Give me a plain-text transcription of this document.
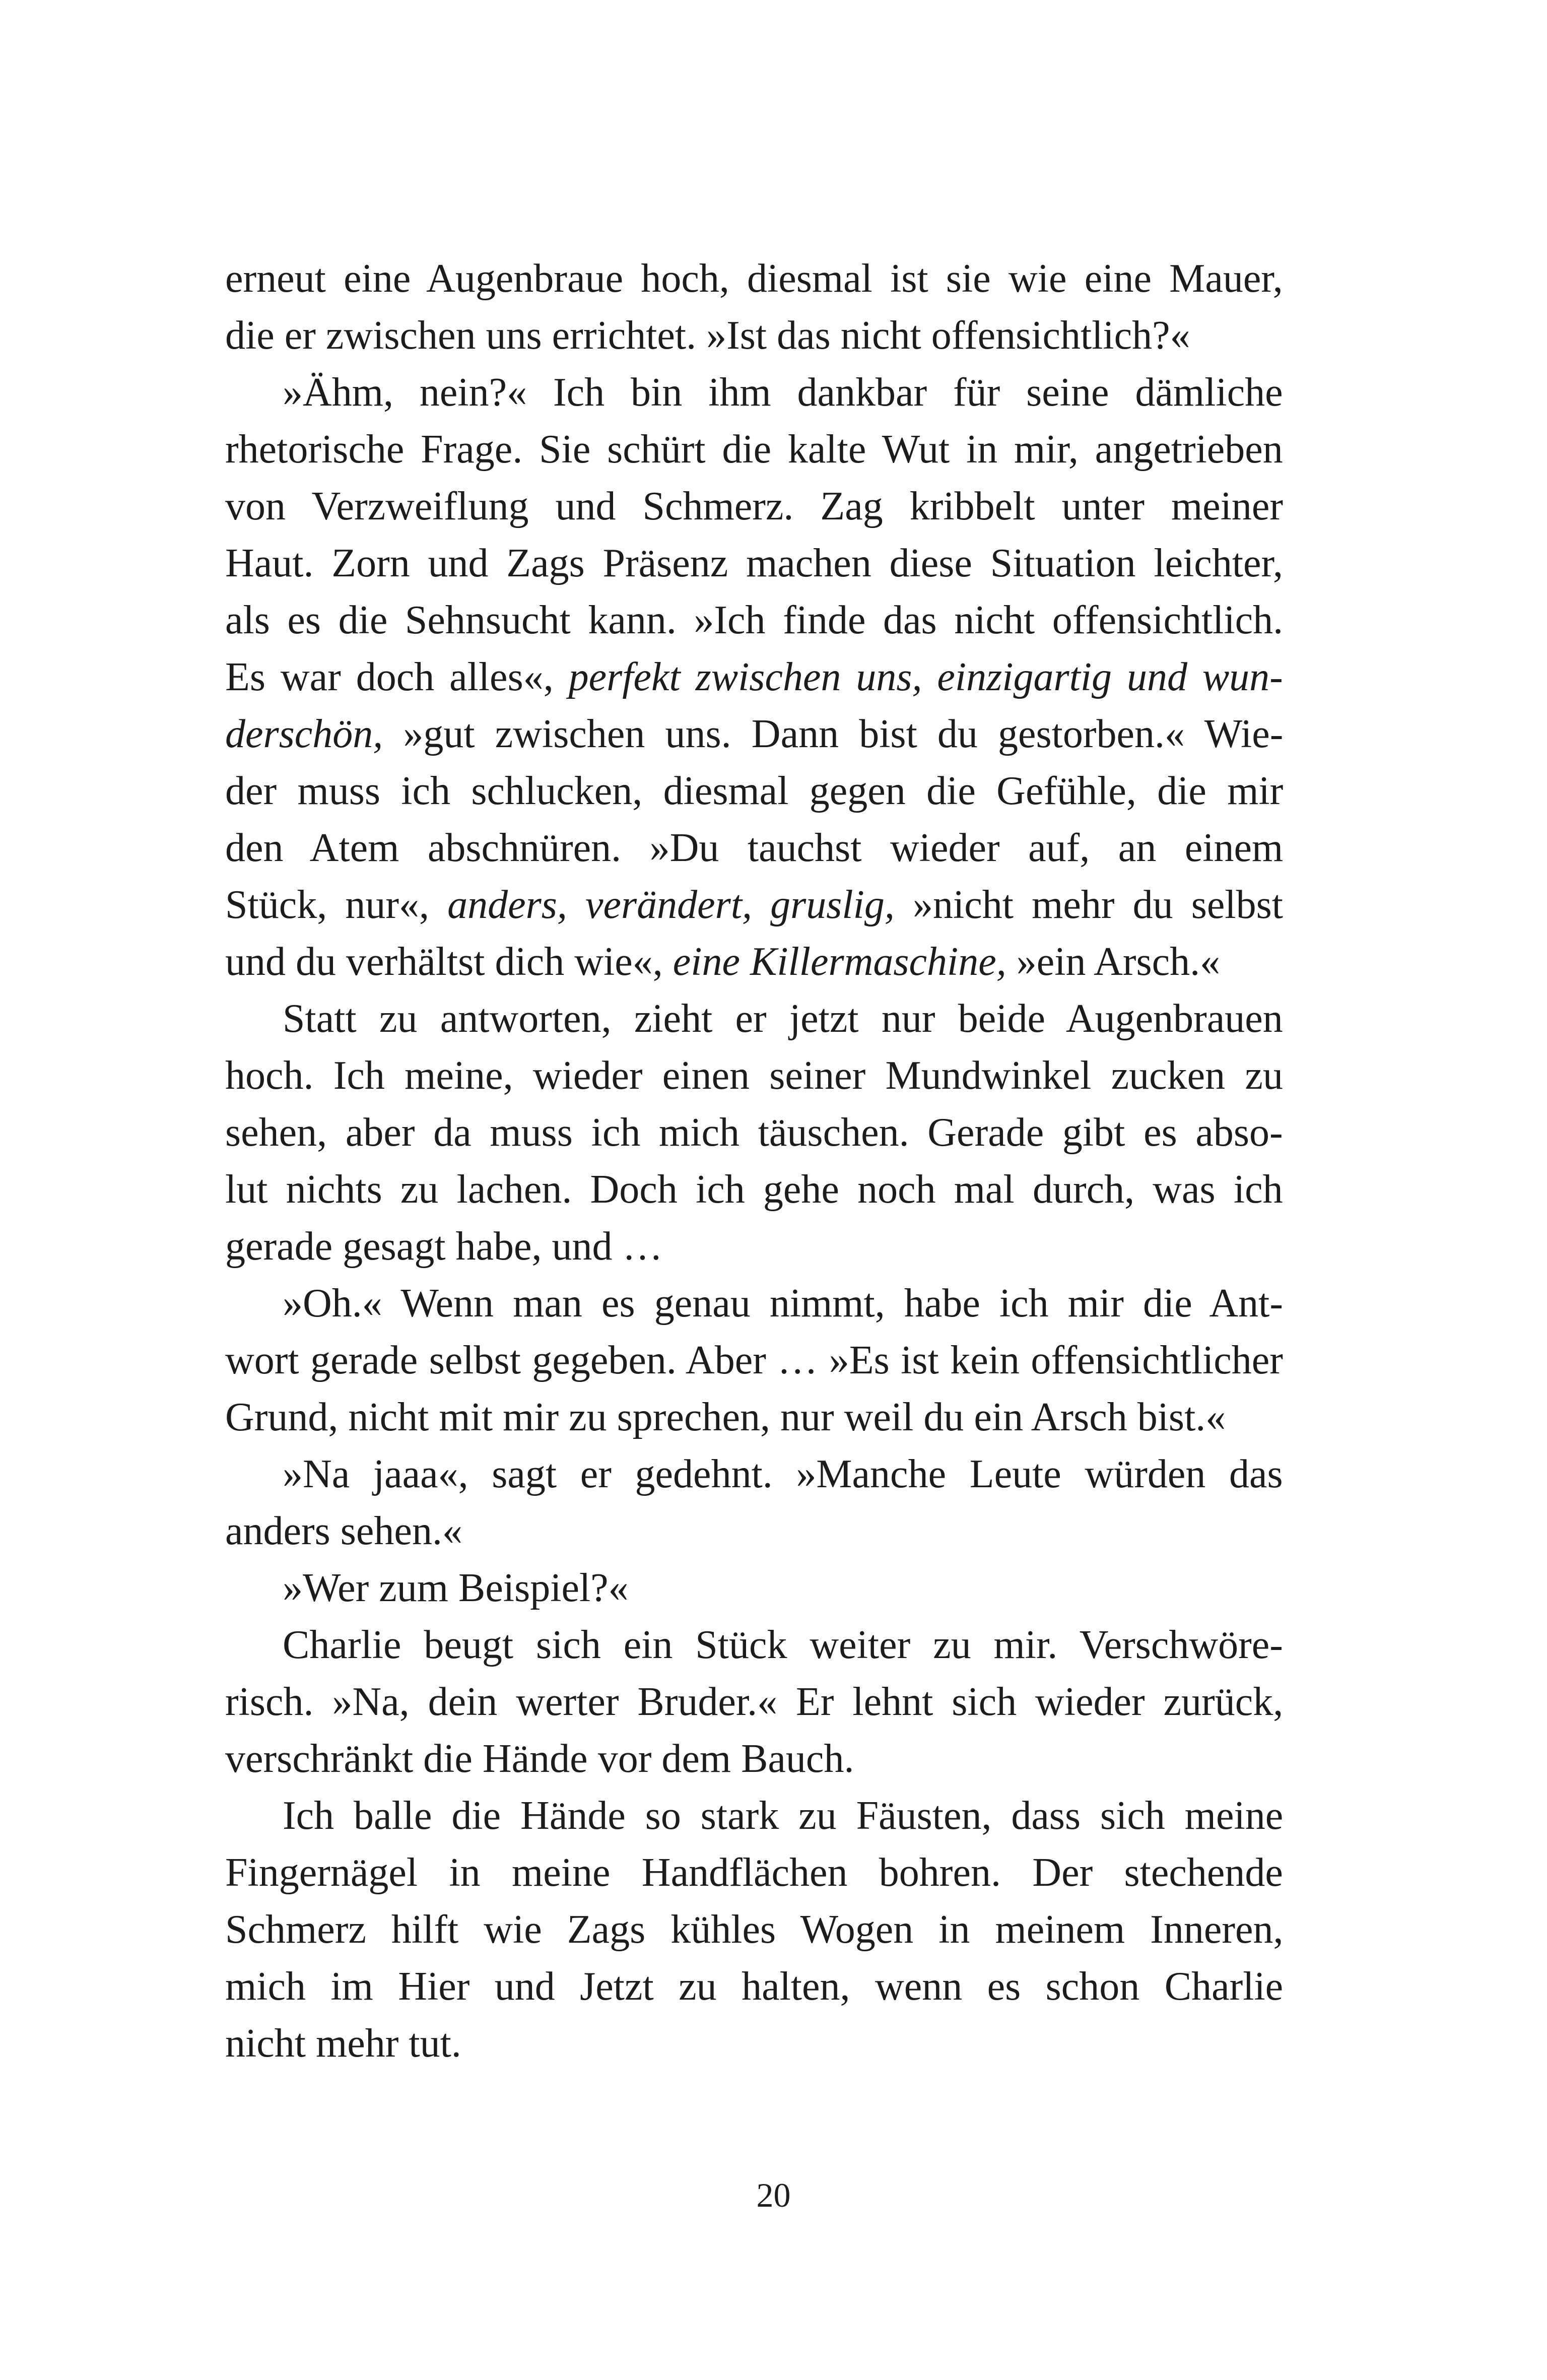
erneut eine Augenbraue hoch, diesmal ist sie wie eine Mauer,
die er zwischen uns errichtet. »Ist das nicht offensichtlich?«
»Ähm, nein?« Ich bin ihm dankbar für seine dämliche
rhetorische Frage. Sie schürt die kalte Wut in mir, angetrieben
von Verzweiflung und Schmerz. Zag kribbelt unter meiner
Haut. Zorn und Zags Präsenz machen diese Situation leichter,
als es die Sehnsucht kann. »Ich finde das nicht offensichtlich.
Es war doch alles«, perfekt zwischen uns, einzigartig und wun-
derschön, »gut zwischen uns. Dann bist du gestorben.« Wie-
der muss ich schlucken, diesmal gegen die Gefühle, die mir
den Atem abschnüren. »Du tauchst wieder auf, an einem
Stück, nur«, anders, verändert, gruslig, »nicht mehr du selbst
und du verhältst dich wie«, eine Killermaschine, »ein Arsch.«
Statt zu antworten, zieht er jetzt nur beide Augenbrauen
hoch. Ich meine, wieder einen seiner Mundwinkel zucken zu
sehen, aber da muss ich mich täuschen. Gerade gibt es abso-
lut nichts zu lachen. Doch ich gehe noch mal durch, was ich
gerade gesagt habe, und …
»Oh.« Wenn man es genau nimmt, habe ich mir die Ant-
wort gerade selbst gegeben. Aber … »Es ist kein offensichtlicher
Grund, nicht mit mir zu sprechen, nur weil du ein Arsch bist.«
»Na jaaa«, sagt er gedehnt. »Manche Leute würden das
anders sehen.«
»Wer zum Beispiel?«
Charlie beugt sich ein Stück weiter zu mir. Verschwöre-
risch. »Na, dein werter Bruder.« Er lehnt sich wieder zurück,
verschränkt die Hände vor dem Bauch.
Ich balle die Hände so stark zu Fäusten, dass sich meine
Fingernägel in meine Handflächen bohren. Der stechende
Schmerz hilft wie Zags kühles Wogen in meinem Inneren,
mich im Hier und Jetzt zu halten, wenn es schon Charlie
nicht mehr tut.
20
